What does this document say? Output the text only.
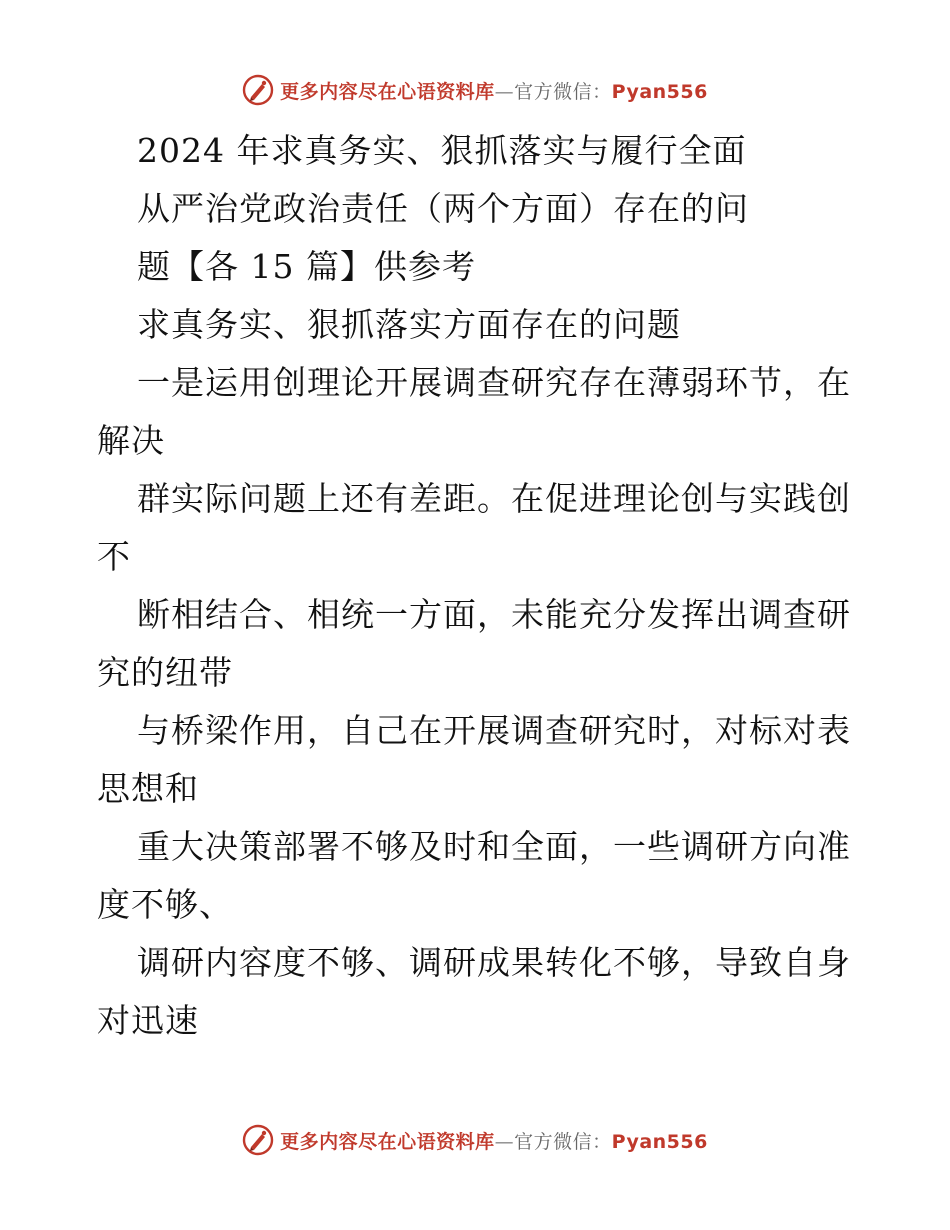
更多内容尽在心语资料库—官方微信：Pyan556
2024 年求真务实、狠抓落实与履行全面
从严治党政治责任（两个方面）存在的问
题【各 15 篇】供参考
求真务实、狠抓落实方面存在的问题
一是运用创理论开展调查研究存在薄弱环节，在
解决
群实际问题上还有差距。在促进理论创与实践创
不
断相结合、相统一方面，未能充分发挥出调查研
究的纽带
与桥梁作用，自己在开展调查研究时，对标对表
思想和
重大决策部署不够及时和全面，一些调研方向准
度不够、
调研内容度不够、调研成果转化不够，导致自身
对迅速
更多内容尽在心语资料库—官方微信：Pyan556
